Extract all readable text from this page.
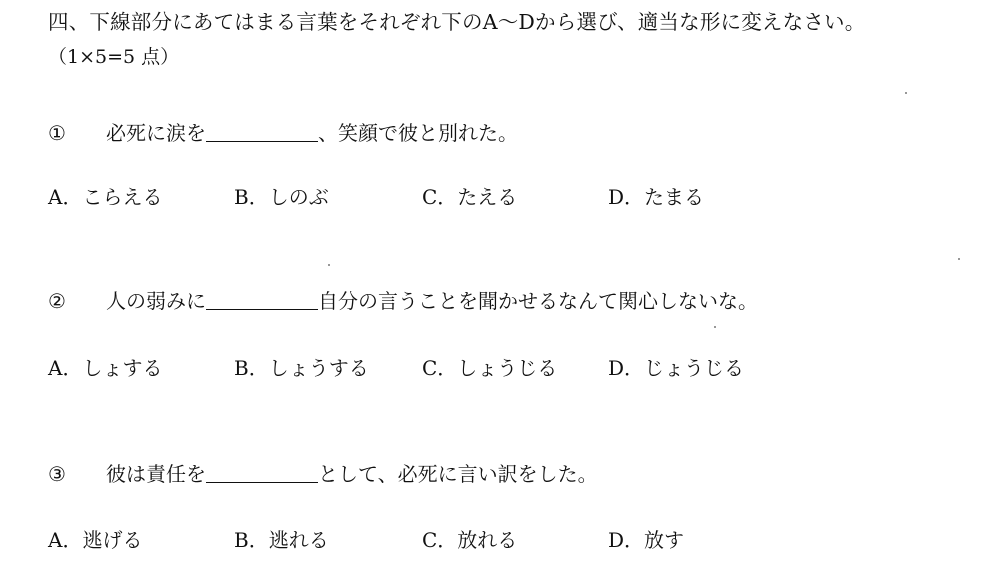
四、下線部分にあてはまる言葉をそれぞれ下のA～Dから選び、適当な形に変えなさい。
（1×5=5 点）
① 必死に涙を	、笑顔で彼と別れた。
A．こらえる	B．しのぶ	C．たえる	D．たまる
② 人の弱みに	自分の言うことを聞かせるなんて関心しないな。
A．しょする	B．しょうする	C．しょうじる	D．じょうじる
③ 彼は責任を	として、必死に言い訳をした。
A．逃げる	B．逃れる	C．放れる	D．放す
